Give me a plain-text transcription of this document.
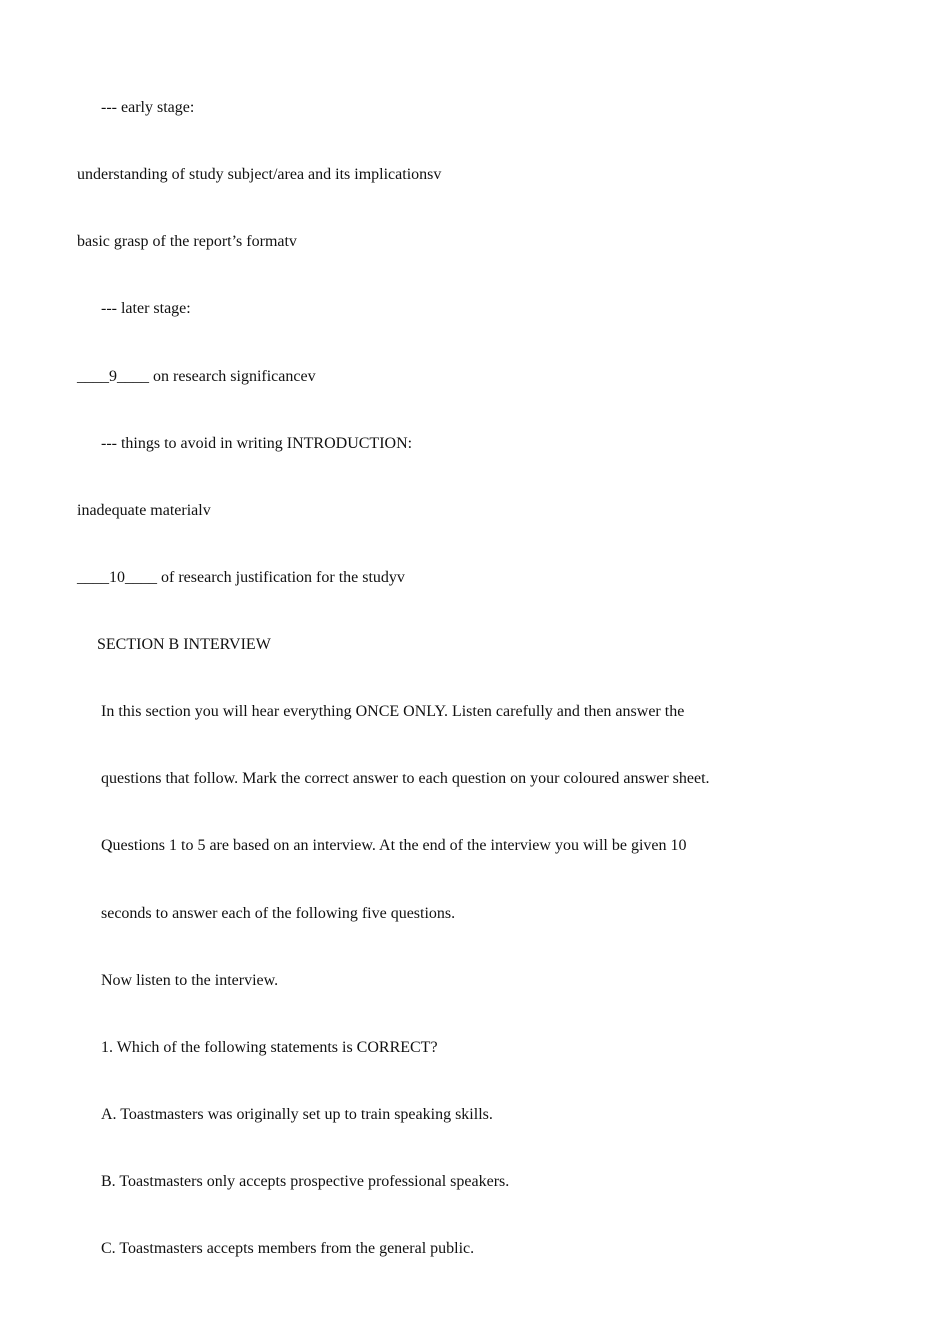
--- early stage:
understanding of study subject/area and its implicationsv
basic grasp of the report’s formatv
--- later stage:
____9____ on research significancev
--- things to avoid in writing INTRODUCTION:
inadequate materialv
____10____ of research justification for the studyv
SECTION B INTERVIEW
In this section you will hear everything ONCE ONLY. Listen carefully and then answer the
questions that follow. Mark the correct answer to each question on your coloured answer sheet.
Questions 1 to 5 are based on an interview. At the end of the interview you will be given 10
seconds to answer each of the following five questions.
Now listen to the interview.
1. Which of the following statements is CORRECT?
A. Toastmasters was originally set up to train speaking skills.
B. Toastmasters only accepts prospective professional speakers.
C. Toastmasters accepts members from the general public.
